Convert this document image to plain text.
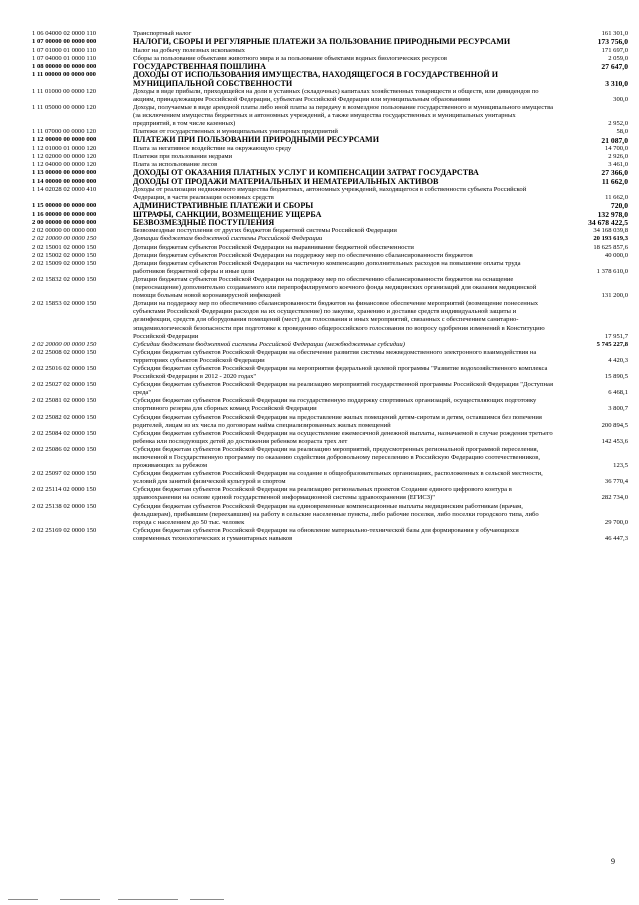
1 06 04000 02 0000 110	Транспортный налог	161 301,0
1 07 00000 00 0000 000	НАЛОГИ, СБОРЫ И РЕГУЛЯРНЫЕ ПЛАТЕЖИ ЗА ПОЛЬЗОВАНИЕ ПРИРОДНЫМИ РЕСУРСАМИ	173 756,0
1 07 01000 01 0000 110	Налог на добычу полезных ископаемых	171 697,0
1 07 04000 01 0000 110	Сборы за пользование объектами животного мира и за пользование объектами водных биологических ресурсов	2 059,0
1 08 00000 00 0000 000	ГОСУДАРСТВЕННАЯ ПОШЛИНА	27 647,0
1 11 00000 00 0000 000	ДОХОДЫ ОТ ИСПОЛЬЗОВАНИЯ ИМУЩЕСТВА, НАХОДЯЩЕГОСЯ В ГОСУДАРСТВЕННОЙ И МУНИЦИПАЛЬНОЙ СОБСТВЕННОСТИ	3 310,0
1 11 01000 00 0000 120	Доходы в виде прибыли, приходящейся на доли в уставных (складочных) капиталах хозяйственных товариществ и обществ, или дивидендов по акциям, принадлежащим Российской Федерации, субъектам Российской Федерации или муниципальным образованиям	300,0
1 11 05000 00 0000 120	Доходы, получаемые в виде арендной платы либо иной платы за передачу в возмездное пользование государственного и муниципального имущества (за исключением имущества бюджетных и автономных учреждений, а также имущества государственных и муниципальных унитарных предприятий, в том числе казенных)	2 952,0
1 11 07000 00 0000 120	Платежи от государственных и муниципальных унитарных предприятий	58,0
1 12 00000 00 0000 000	ПЛАТЕЖИ ПРИ ПОЛЬЗОВАНИИ ПРИРОДНЫМИ РЕСУРСАМИ	21 087,0
1 12 01000 01 0000 120	Плата за негативное воздействие на окружающую среду	14 700,0
1 12 02000 00 0000 120	Платежи при пользовании недрами	2 926,0
1 12 04000 00 0000 120	Плата за использование лесов	3 461,0
1 13 00000 00 0000 000	ДОХОДЫ ОТ ОКАЗАНИЯ ПЛАТНЫХ УСЛУГ И КОМПЕНСАЦИИ ЗАТРАТ ГОСУДАРСТВА	27 366,0
1 14 00000 00 0000 000	ДОХОДЫ ОТ ПРОДАЖИ МАТЕРИАЛЬНЫХ И НЕМАТЕРИАЛЬНЫХ АКТИВОВ	11 662,0
1 14 02028 02 0000 410	Доходы от реализации недвижимого имущества бюджетных, автономных учреждений, находящегося в собственности субъекта Российской Федерации, в части реализации основных средств	11 662,0
1 15 00000 00 0000 000	АДМИНИСТРАТИВНЫЕ ПЛАТЕЖИ И СБОРЫ	720,0
1 16 00000 00 0000 000	ШТРАФЫ, САНКЦИИ, ВОЗМЕЩЕНИЕ УЩЕРБА	132 978,0
2 00 00000 00 0000 000	БЕЗВОЗМЕЗДНЫЕ ПОСТУПЛЕНИЯ	34 678 422,5
2 02 00000 00 0000 000	Безвозмездные поступления от других бюджетов бюджетной системы Российской Федерации	34 168 039,8
2 02 10000 00 0000 150	Дотации бюджетам бюджетной системы Российской Федерации	20 193 619,3
2 02 15001 02 0000 150	Дотации бюджетам субъектов Российской Федерации на выравнивание бюджетной обеспеченности	18 625 857,6
2 02 15002 02 0000 150	Дотации бюджетам субъектов Российской Федерации на поддержку мер по обеспечению сбалансированности бюджетов	40 000,0
2 02 15009 02 0000 150	Дотации бюджетам субъектов Российской Федерации на частичную компенсацию дополнительных расходов на повышение оплаты труда работников бюджетной сферы и иные цели	1 378 610,0
2 02 15832 02 0000 150	Дотации бюджетам субъектов Российской Федерации на поддержку мер по обеспечению сбалансированности бюджетов на оснащение (переоснащение) дополнительно создаваемого или перепрофилируемого коечного фонда медицинских организаций для оказания медицинской помощи больным новой коронавирусной инфекцией	131 200,0
2 02 15853 02 0000 150	Дотации на поддержку мер по обеспечению сбалансированности бюджетов на финансовое обеспечение мероприятий (возмещение понесенных субъектами Российской Федерации расходов на их осуществление) по закупке, хранению и доставке средств индивидуальной защиты и дезинфекции, средств для оборудования помещений (мест) для голосования и иных мероприятий, связанных с обеспечением санитарно-эпидемиологической безопасности при подготовке к проведению общероссийского голосования по вопросу одобрения изменений в Конституцию Российской Федерации	17 951,7
2 02 20000 00 0000 150	Субсидии бюджетам бюджетной системы Российской Федерации (межбюджетные субсидии)	5 745 227,8
2 02 25008 02 0000 150	Субсидии бюджетам субъектов Российской Федерации на обеспечение развития системы межведомственного электронного взаимодействия на территориях субъектов Российской Федерации	4 420,3
2 02 25016 02 0000 150	Субсидии бюджетам субъектов Российской Федерации на мероприятия федеральной целевой программы "Развитие водохозяйственного комплекса Российской Федерации в 2012 - 2020 годах"	15 890,5
2 02 25027 02 0000 150	Субсидии бюджетам субъектов Российской Федерации на реализацию мероприятий государственной программы Российской Федерации "Доступная среда"	6 468,1
2 02 25081 02 0000 150	Субсидии бюджетам субъектов Российской Федерации на государственную поддержку спортивных организаций, осуществляющих подготовку спортивного резерва для сборных команд Российской Федерации	3 800,7
2 02 25082 02 0000 150	Субсидии бюджетам субъектов Российской Федерации на предоставление жилых помещений детям-сиротам и детям, оставшимся без попечения родителей, лицам из их числа по договорам найма специализированных жилых помещений	200 894,5
2 02 25084 02 0000 150	Субсидии бюджетам субъектов Российской Федерации на осуществление ежемесячной денежной выплаты, назначаемой в случае рождения третьего ребенка или последующих детей до достижения ребенком возраста трех лет	142 453,6
2 02 25086 02 0000 150	Субсидии бюджетам субъектов Российской Федерации на реализацию мероприятий, предусмотренных региональной программой переселения, включенной в Государственную программу по оказанию содействия добровольному переселению в Российскую Федерацию соотечественников, проживающих за рубежом	123,5
2 02 25097 02 0000 150	Субсидии бюджетам субъектов Российской Федерации на создание в общеобразовательных организациях, расположенных в сельской местности, условий для занятий физической культурой и спортом	36 770,4
2 02 25114 02 0000 150	Субсидии бюджетам субъектов Российской Федерации на реализацию региональных проектов Создание единого цифрового контура в здравоохранении на основе единой государственной информационной системы здравоохранения (ЕГИСЗ)"	282 734,0
2 02 25138 02 0000 150	Субсидии бюджетам субъектов Российской Федерации на единовременные компенсационные выплаты медицинским работникам (врачам, фельдшерам), прибывшим (переехавшим) на работу в сельские населенные пункты, либо рабочие поселки, либо поселки городского типа, либо города с населением до 50 тыс. человек	29 700,0
2 02 25169 02 0000 150	Субсидии бюджетам субъектов Российской Федерации на обновление материально-технической базы для формирования у обучающихся современных технологических и гуманитарных навыков	46 447,3
9
